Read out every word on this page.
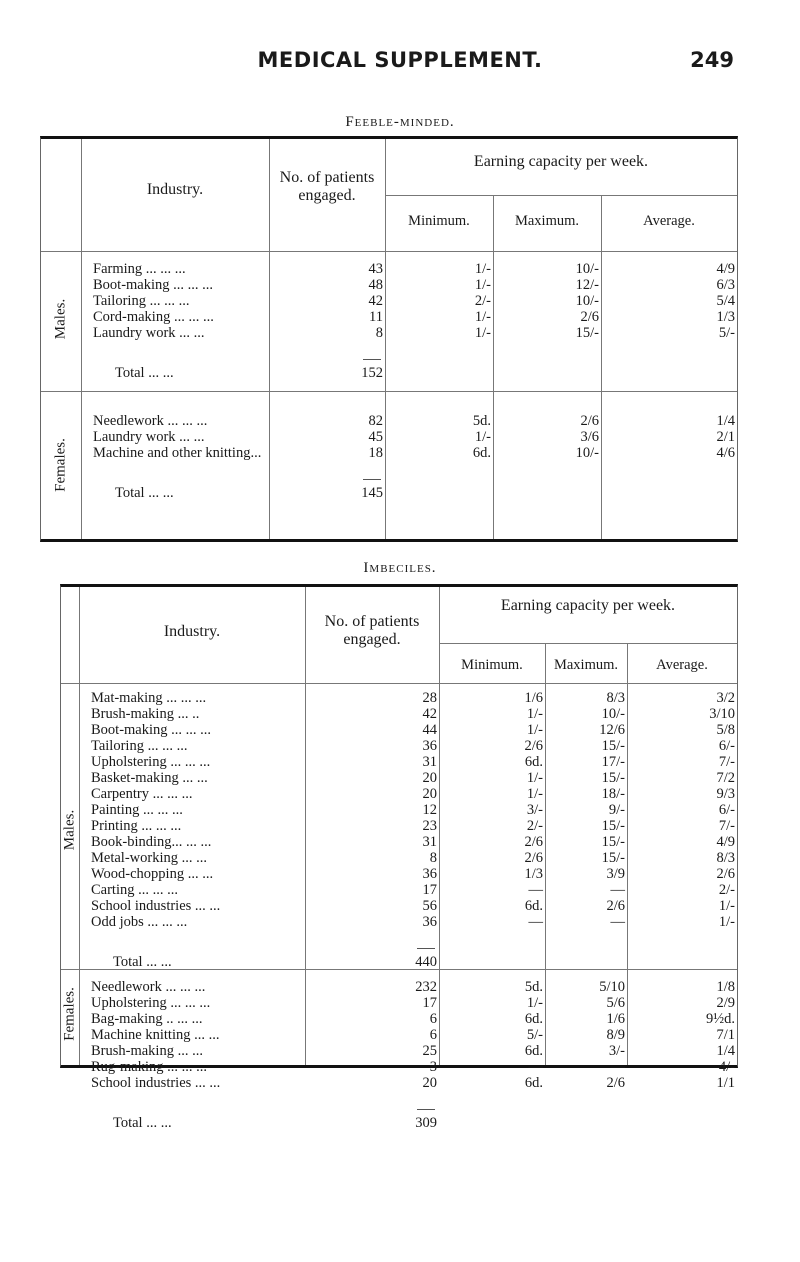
MEDICAL SUPPLEMENT.	249
Feeble-minded.
Industry.
No. of patients
engaged.
Earning capacity per week.
Minimum.	Maximum.	Average.
Males.
Farming ... ... ...	43	1/-	10/-	4/9
Boot-making ... ... ...	48	1/-	12/-	6/3
Tailoring ... ... ...	42	2/-	10/-	5/4
Cord-making ... ... ...	11	1/-	2/6	1/3
Laundry work ... ...	8	1/-	15/-	5/-
Total ... ...	152
Females.
Needlework ... ... ...	82	5d.	2/6	1/4
Laundry work ... ...	45	1/-	3/6	2/1
Machine and other knitting...	18	6d.	10/-	4/6
Total ... ...	145
Imbeciles.
Industry.
No. of patients
engaged.
Earning capacity per week.
Minimum.	Maximum.	Average.
Males.
Mat-making ... ... ...	28	1/6	8/3	3/2
Brush-making ... ..	42	1/-	10/-	3/10
Boot-making ... ... ...	44	1/-	12/6	5/8
Tailoring ... ... ...	36	2/6	15/-	6/-
Upholstering ... ... ...	31	6d.	17/-	7/-
Basket-making ... ...	20	1/-	15/-	7/2
Carpentry ... ... ...	20	1/-	18/-	9/3
Painting ... ... ...	12	3/-	9/-	6/-
Printing ... ... ...	23	2/-	15/-	7/-
Book-binding... ... ...	31	2/6	15/-	4/9
Metal-working ... ...	8	2/6	15/-	8/3
Wood-chopping ... ...	36	1/3	3/9	2/6
Carting ... ... ...	17	—	—	2/-
School industries ... ...	56	6d.	2/6	1/-
Odd jobs ... ... ...	36	—	—	1/-
Total ... ...	440
Females.
Needlework ... ... ...	232	5d.	5/10	1/8
Upholstering ... ... ...	17	1/-	5/6	2/9
Bag-making .. ... ...	6	6d.	1/6	9½d.
Machine knitting ... ...	6	5/-	8/9	7/1
Brush-making ... ...	25	6d.	3/-	1/4
Rug-making ... ... ...	3	—	—	4/-
School industries ... ...	20	6d.	2/6	1/1
Total ... ...	309
